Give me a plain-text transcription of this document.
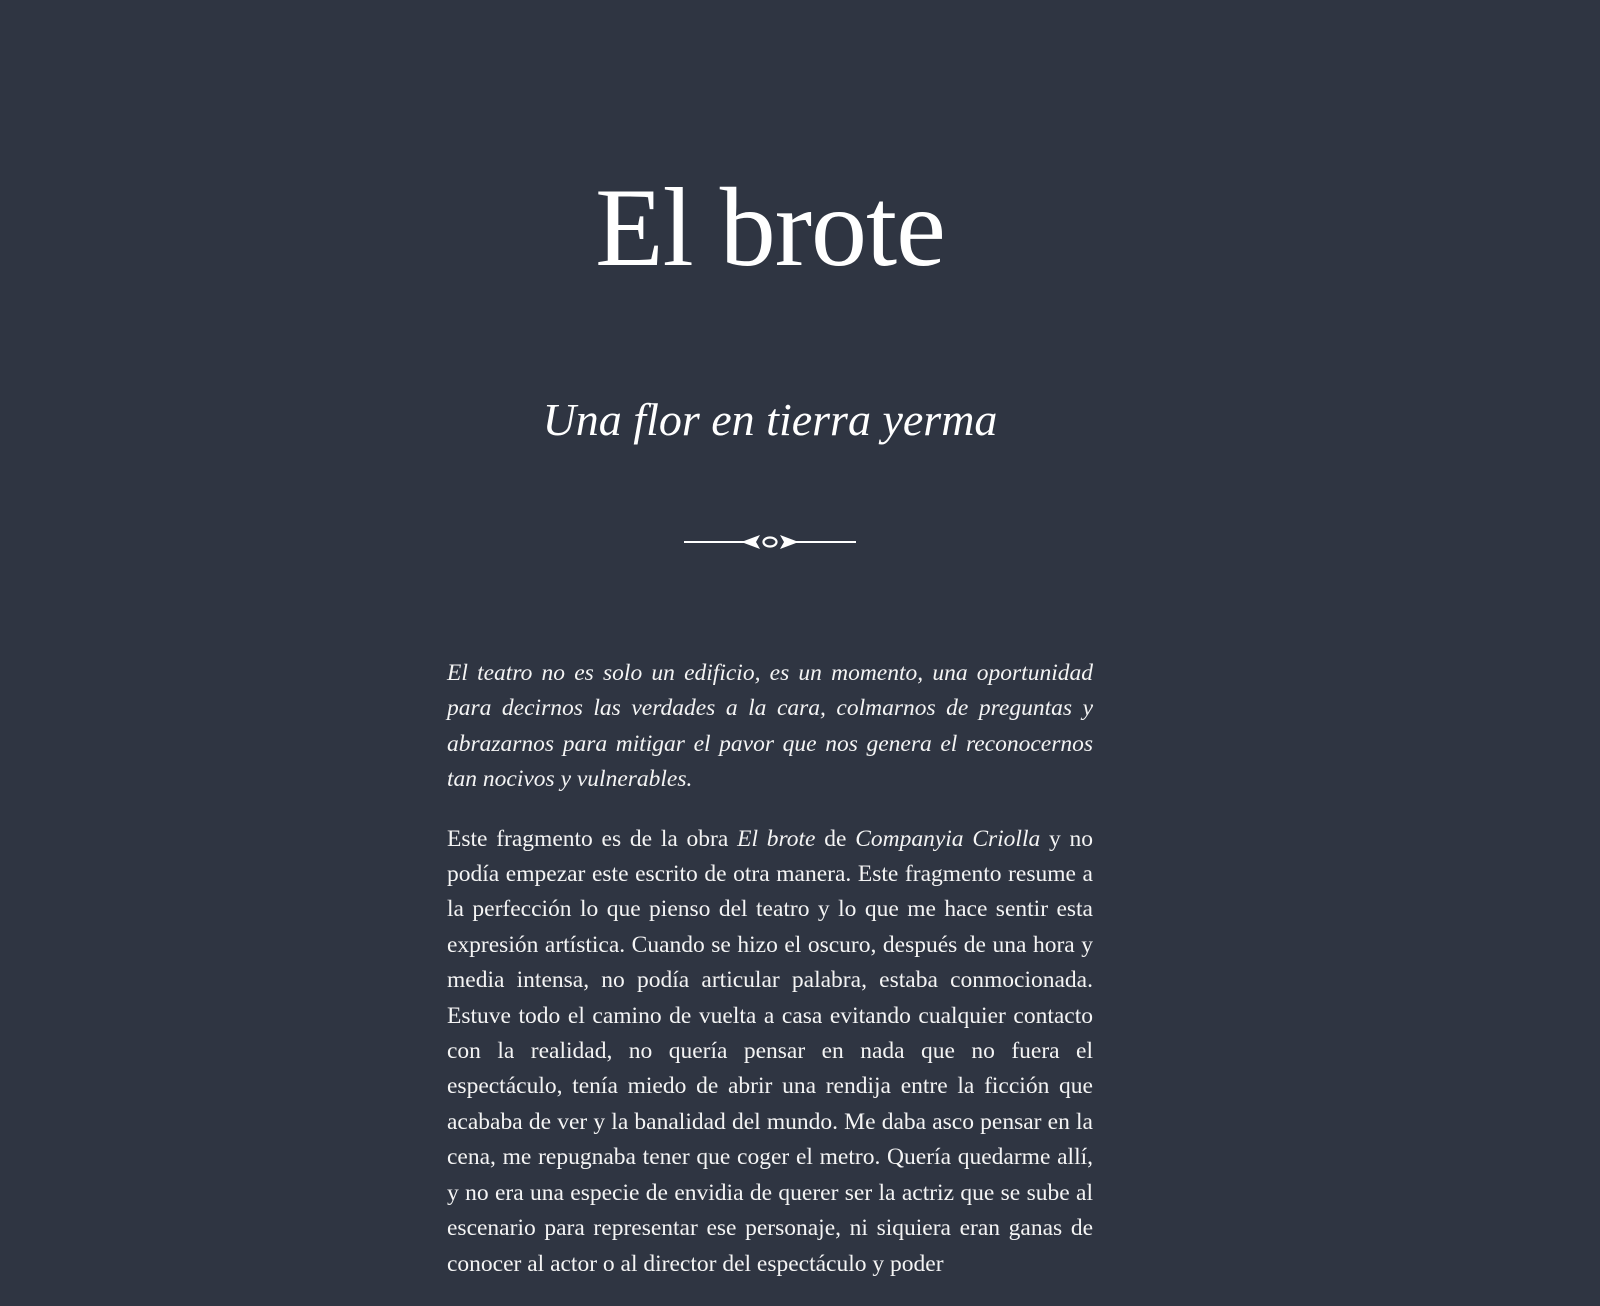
El brote
Una flor en tierra yerma

El teatro no es solo un edificio, es un momento, una oportunidad para decirnos las verdades a la cara, colmarnos de preguntas y abrazarnos para mitigar el pavor que nos genera el reconocernos tan nocivos y vulnerables.

Este fragmento es de la obra El brote de Companyia Criolla y no podía empezar este escrito de otra manera. Este fragmento resume a la perfección lo que pienso del teatro y lo que me hace sentir esta expresión artística. Cuando se hizo el oscuro, después de una hora y media intensa, no podía articular palabra, estaba conmocionada. Estuve todo el camino de vuelta a casa evitando cualquier contacto con la realidad, no quería pensar en nada que no fuera el espectáculo, tenía miedo de abrir una rendija entre la ficción que acababa de ver y la banalidad del mundo. Me daba asco pensar en la cena, me repugnaba tener que coger el metro. Quería quedarme allí, y no era una especie de envidia de querer ser la actriz que se sube al escenario para representar ese personaje, ni siquiera eran ganas de conocer al actor o al director del espectáculo y poder
